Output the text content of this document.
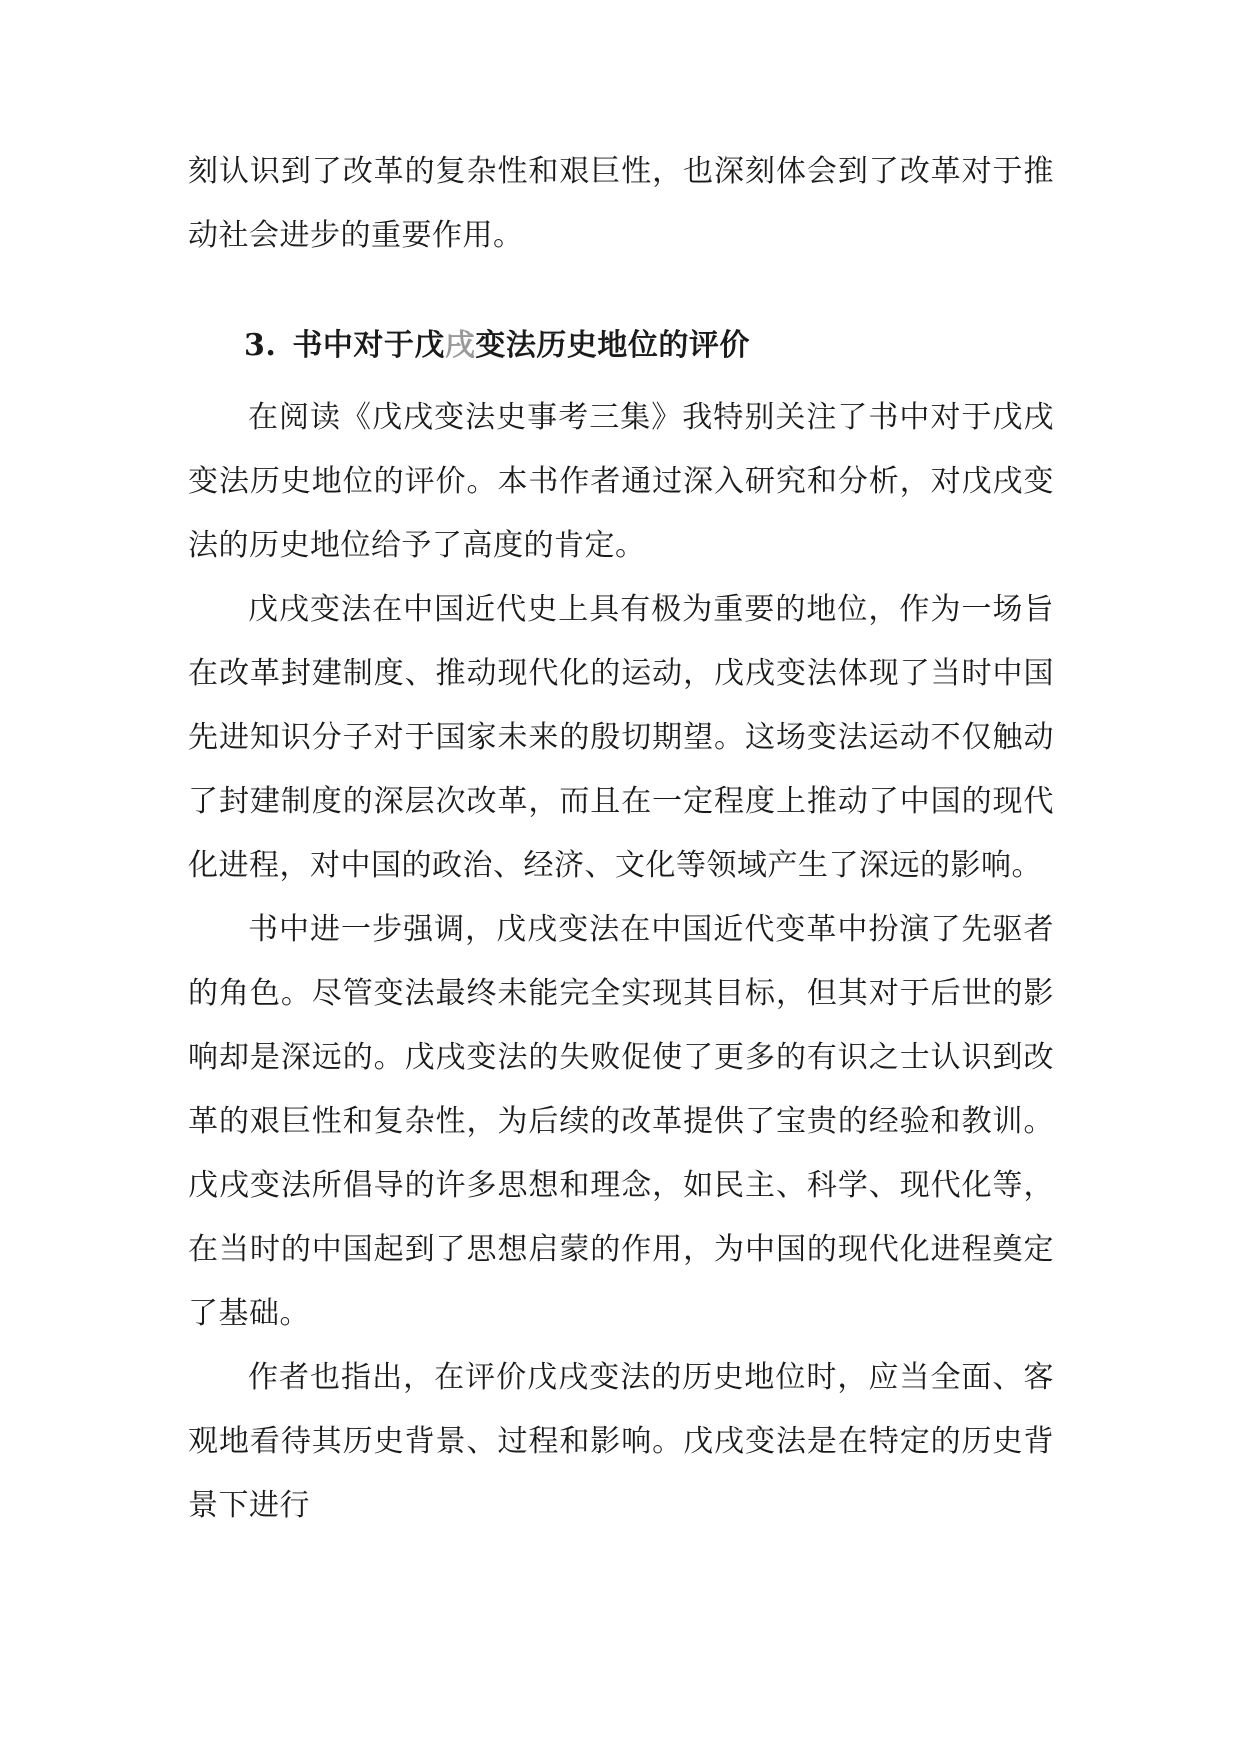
刻认识到了改革的复杂性和艰巨性，也深刻体会到了改革对于推动社会进步的重要作用。

3. 书中对于戊戌变法历史地位的评价

在阅读《戊戌变法史事考三集》我特别关注了书中对于戊戌变法历史地位的评价。本书作者通过深入研究和分析，对戊戌变法的历史地位给予了高度的肯定。

戊戌变法在中国近代史上具有极为重要的地位，作为一场旨在改革封建制度、推动现代化的运动，戊戌变法体现了当时中国先进知识分子对于国家未来的殷切期望。这场变法运动不仅触动了封建制度的深层次改革，而且在一定程度上推动了中国的现代化进程，对中国的政治、经济、文化等领域产生了深远的影响。

书中进一步强调，戊戌变法在中国近代变革中扮演了先驱者的角色。尽管变法最终未能完全实现其目标，但其对于后世的影响却是深远的。戊戌变法的失败促使了更多的有识之士认识到改革的艰巨性和复杂性，为后续的改革提供了宝贵的经验和教训。戊戌变法所倡导的许多思想和理念，如民主、科学、现代化等，在当时的中国起到了思想启蒙的作用，为中国的现代化进程奠定了基础。

作者也指出，在评价戊戌变法的历史地位时，应当全面、客观地看待其历史背景、过程和影响。戊戌变法是在特定的历史背景下进行
